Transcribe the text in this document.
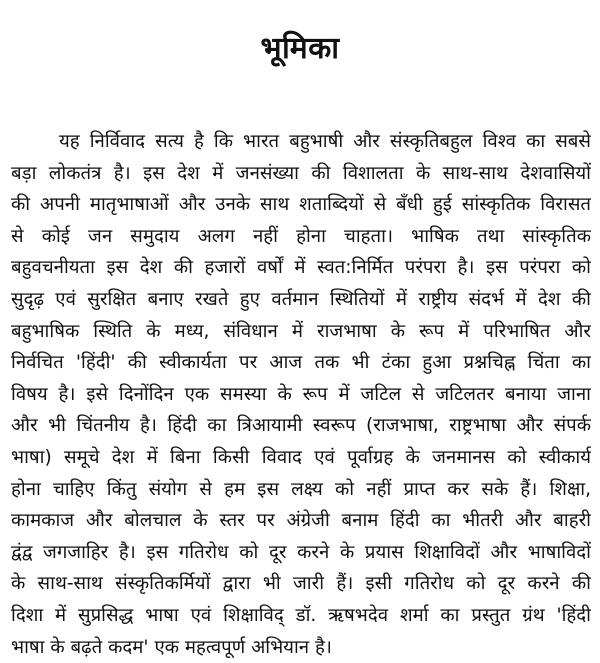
भूमिका
यह निर्विवाद सत्य है कि भारत बहुभाषी और संस्कृतिबहुल विश्व का सबसे
बड़ा लोकतंत्र है। इस देश में जनसंख्या की विशालता के साथ-साथ देशवासियों
की अपनी मातृभाषाओं और उनके साथ शताब्दियों से बँधी हुई सांस्कृतिक विरासत
से कोई जन समुदाय अलग नहीं होना चाहता। भाषिक तथा सांस्कृतिक
बहुवचनीयता इस देश की हजारों वर्षों में स्वत:निर्मित परंपरा है। इस परंपरा को
सुदृढ़ एवं सुरक्षित बनाए रखते हुए वर्तमान स्थितियों में राष्ट्रीय संदर्भ में देश की
बहुभाषिक स्थिति के मध्य, संविधान में राजभाषा के रूप में परिभाषित और
निर्वचित 'हिंदी' की स्वीकार्यता पर आज तक भी टंका हुआ प्रश्नचिह्न चिंता का
विषय है। इसे दिनोंदिन एक समस्या के रूप में जटिल से जटिलतर बनाया जाना
और भी चिंतनीय है। हिंदी का त्रिआयामी स्वरूप (राजभाषा, राष्ट्रभाषा और संपर्क
भाषा) समूचे देश में बिना किसी विवाद एवं पूर्वाग्रह के जनमानस को स्वीकार्य
होना चाहिए किंतु संयोग से हम इस लक्ष्य को नहीं प्राप्त कर सके हैं। शिक्षा,
कामकाज और बोलचाल के स्तर पर अंग्रेजी बनाम हिंदी का भीतरी और बाहरी
द्वंद्व जगजाहिर है। इस गतिरोध को दूर करने के प्रयास शिक्षाविदों और भाषाविदों
के साथ-साथ संस्कृतिकर्मियों द्वारा भी जारी हैं। इसी गतिरोध को दूर करने की
दिशा में सुप्रसिद्ध भाषा एवं शिक्षाविद् डॉ. ऋषभदेव शर्मा का प्रस्तुत ग्रंथ 'हिंदी
भाषा के बढ़ते कदम' एक महत्वपूर्ण अभियान है।
